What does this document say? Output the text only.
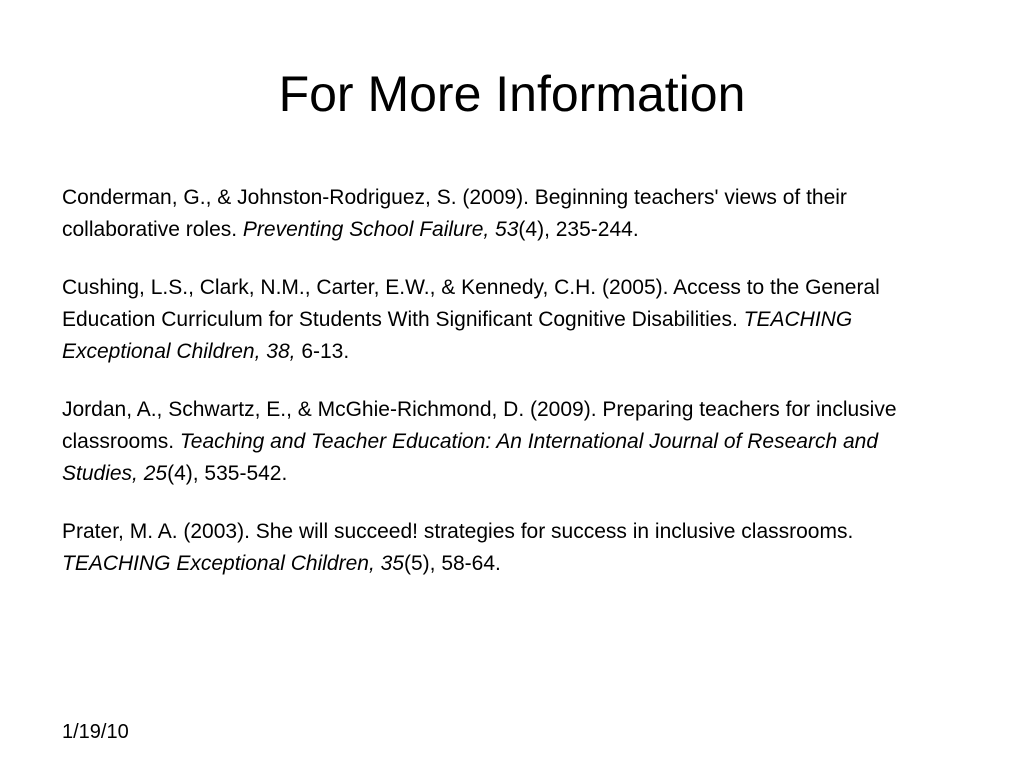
For More Information

Conderman, G., & Johnston-Rodriguez, S. (2009). Beginning teachers' views of their collaborative roles. Preventing School Failure, 53(4), 235-244.

Cushing, L.S., Clark, N.M., Carter, E.W., & Kennedy, C.H. (2005). Access to the General Education Curriculum for Students With Significant Cognitive Disabilities. TEACHING Exceptional Children, 38, 6-13.

Jordan, A., Schwartz, E., & McGhie-Richmond, D. (2009). Preparing teachers for inclusive classrooms. Teaching and Teacher Education: An International Journal of Research and Studies, 25(4), 535-542.

Prater, M. A. (2003). She will succeed! strategies for success in inclusive classrooms. TEACHING Exceptional Children, 35(5), 58-64.

1/19/10
